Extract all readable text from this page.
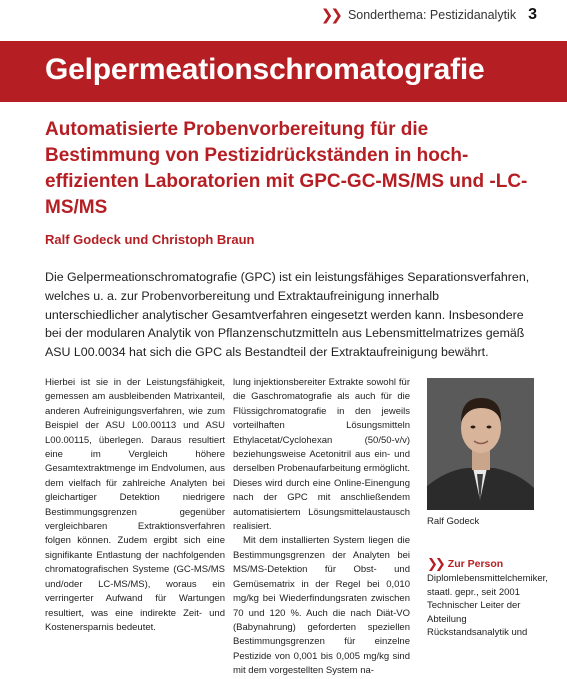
❯❯ Sonderthema: Pestizidanalytik 3
Gelpermeationschromatografie
Automatisierte Probenvorbereitung für die Bestimmung von Pestizidrückständen in hoch-effizienten Laboratorien mit GPC-GC-MS/MS und -LC-MS/MS
Ralf Godeck und Christoph Braun

Die Gelpermeationschromatografie (GPC) ist ein leistungsfähiges Separationsverfahren, welches u. a. zur Probenvorbereitung und Extraktaufreinigung innerhalb unterschiedlicher analytischer Gesamtverfahren eingesetzt werden kann. Insbesondere bei der modularen Analytik von Pflanzenschutzmitteln aus Lebensmittelmatrizes gemäß ASU L00.0034 hat sich die GPC als Bestandteil der Extraktaufreinigung bewährt.

Hierbei ist sie in der Leistungsfähigkeit, gemessen am ausbleibenden Matrixanteil, anderen Aufreinigungsverfahren, wie zum Beispiel der ASU L00.00113 und ASU L00.00115, überlegen. Daraus resultiert eine im Vergleich höhere Gesamtextraktmenge im Endvolumen, aus dem vielfach für zahlreiche Analyten bei gleichartiger Detektion niedrigere Bestimmungsgrenzen gegenüber vergleichbaren Extraktionsverfahren folgen können. Zudem ergibt sich eine signifikante Entlastung der nachfolgenden chromatografischen Systeme (GC-MS/MS und/oder LC-MS/MS), woraus ein verringerter Aufwand für Wartungen resultiert, was eine indirekte Zeit- und Kostenersparnis bedeutet.

lung injektionsbereiter Extrakte sowohl für die Gaschromatografie als auch für die Flüssigchromatografie in den jeweils vorteilhaften Lösungsmitteln Ethylacetat/Cyclohexan (50/50-v/v) beziehungsweise Acetonitril aus ein- und derselben Probenaufarbeitung ermöglicht. Dieses wird durch eine Online-Einengung nach der GPC mit anschließendem automatisiertem Lösungsmittelaustausch realisiert.
Mit dem installierten System liegen die Bestimmungsgrenzen der Analyten bei MS/MS-Detektion für Obst- und Gemüsematrix in der Regel bei 0,010 mg/kg bei Wiederfindungsraten zwischen 70 und 120 %. Auch die nach Diät-VO (Babynahrung) geforderten speziellen Bestimmungsgrenzen für einzelne Pestizide von 0,001 bis 0,005 mg/kg sind mit dem vorgestellten System na-
Ralf Godeck
❯❯ Zur Person

Diplomlebensmittelchemiker, staatl. gepr., seit 2001 Technischer Leiter der Abteilung Rückstandsanalytik und
